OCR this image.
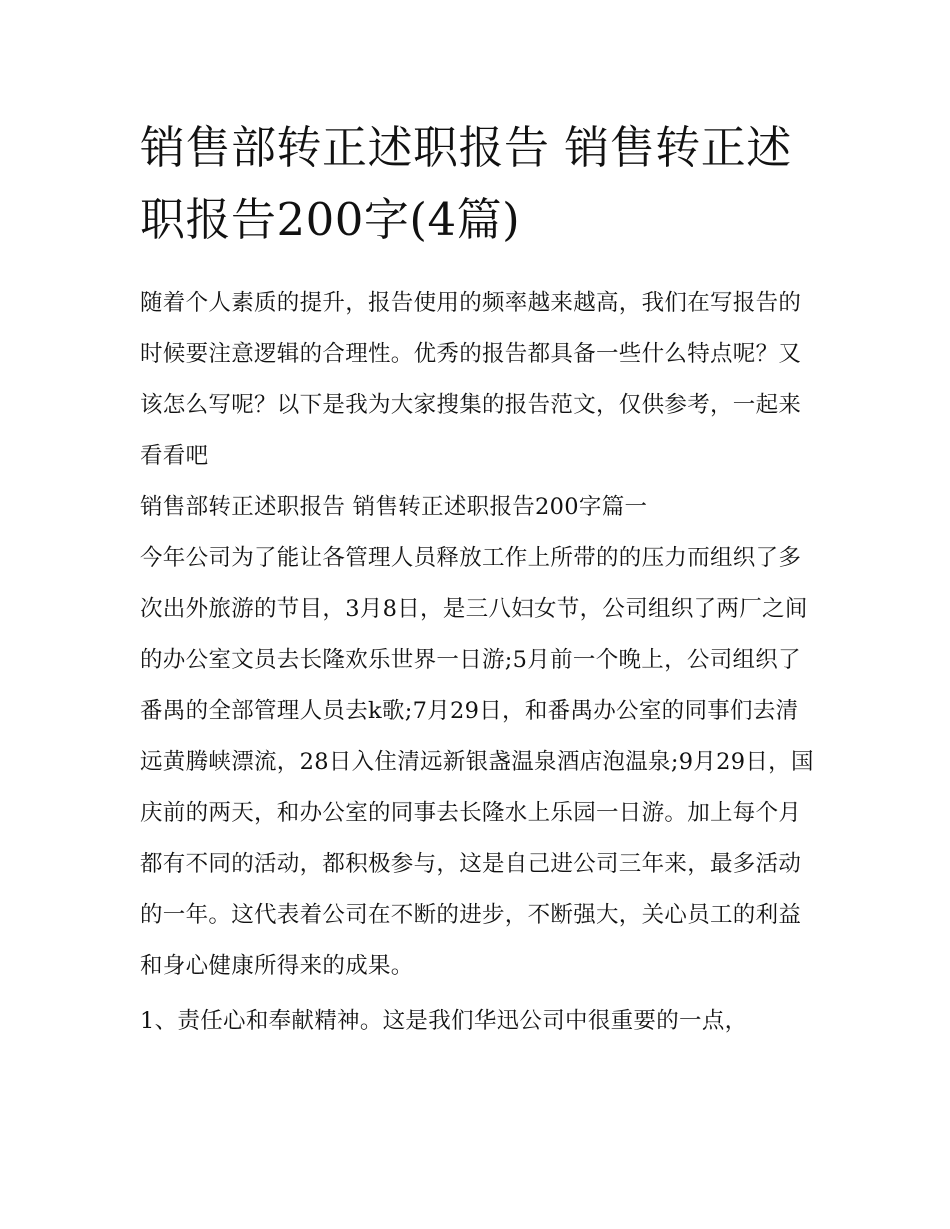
销售部转正述职报告 销售转正述职报告200字(4篇)

随着个人素质的提升，报告使用的频率越来越高，我们在写报告的时候要注意逻辑的合理性。优秀的报告都具备一些什么特点呢？又该怎么写呢？以下是我为大家搜集的报告范文，仅供参考，一起来看看吧

销售部转正述职报告 销售转正述职报告200字篇一

今年公司为了能让各管理人员释放工作上所带的的压力而组织了多次出外旅游的节目，3月8日，是三八妇女节，公司组织了两厂之间的办公室文员去长隆欢乐世界一日游;5月前一个晚上，公司组织了番禺的全部管理人员去k歌;7月29日，和番禺办公室的同事们去清远黄腾峡漂流，28日入住清远新银盏温泉酒店泡温泉;9月29日，国庆前的两天，和办公室的同事去长隆水上乐园一日游。加上每个月都有不同的活动，都积极参与，这是自己进公司三年来，最多活动的一年。这代表着公司在不断的进步，不断强大，关心员工的利益和身心健康所得来的成果。

1、责任心和奉献精神。这是我们华迅公司中很重要的一点，
